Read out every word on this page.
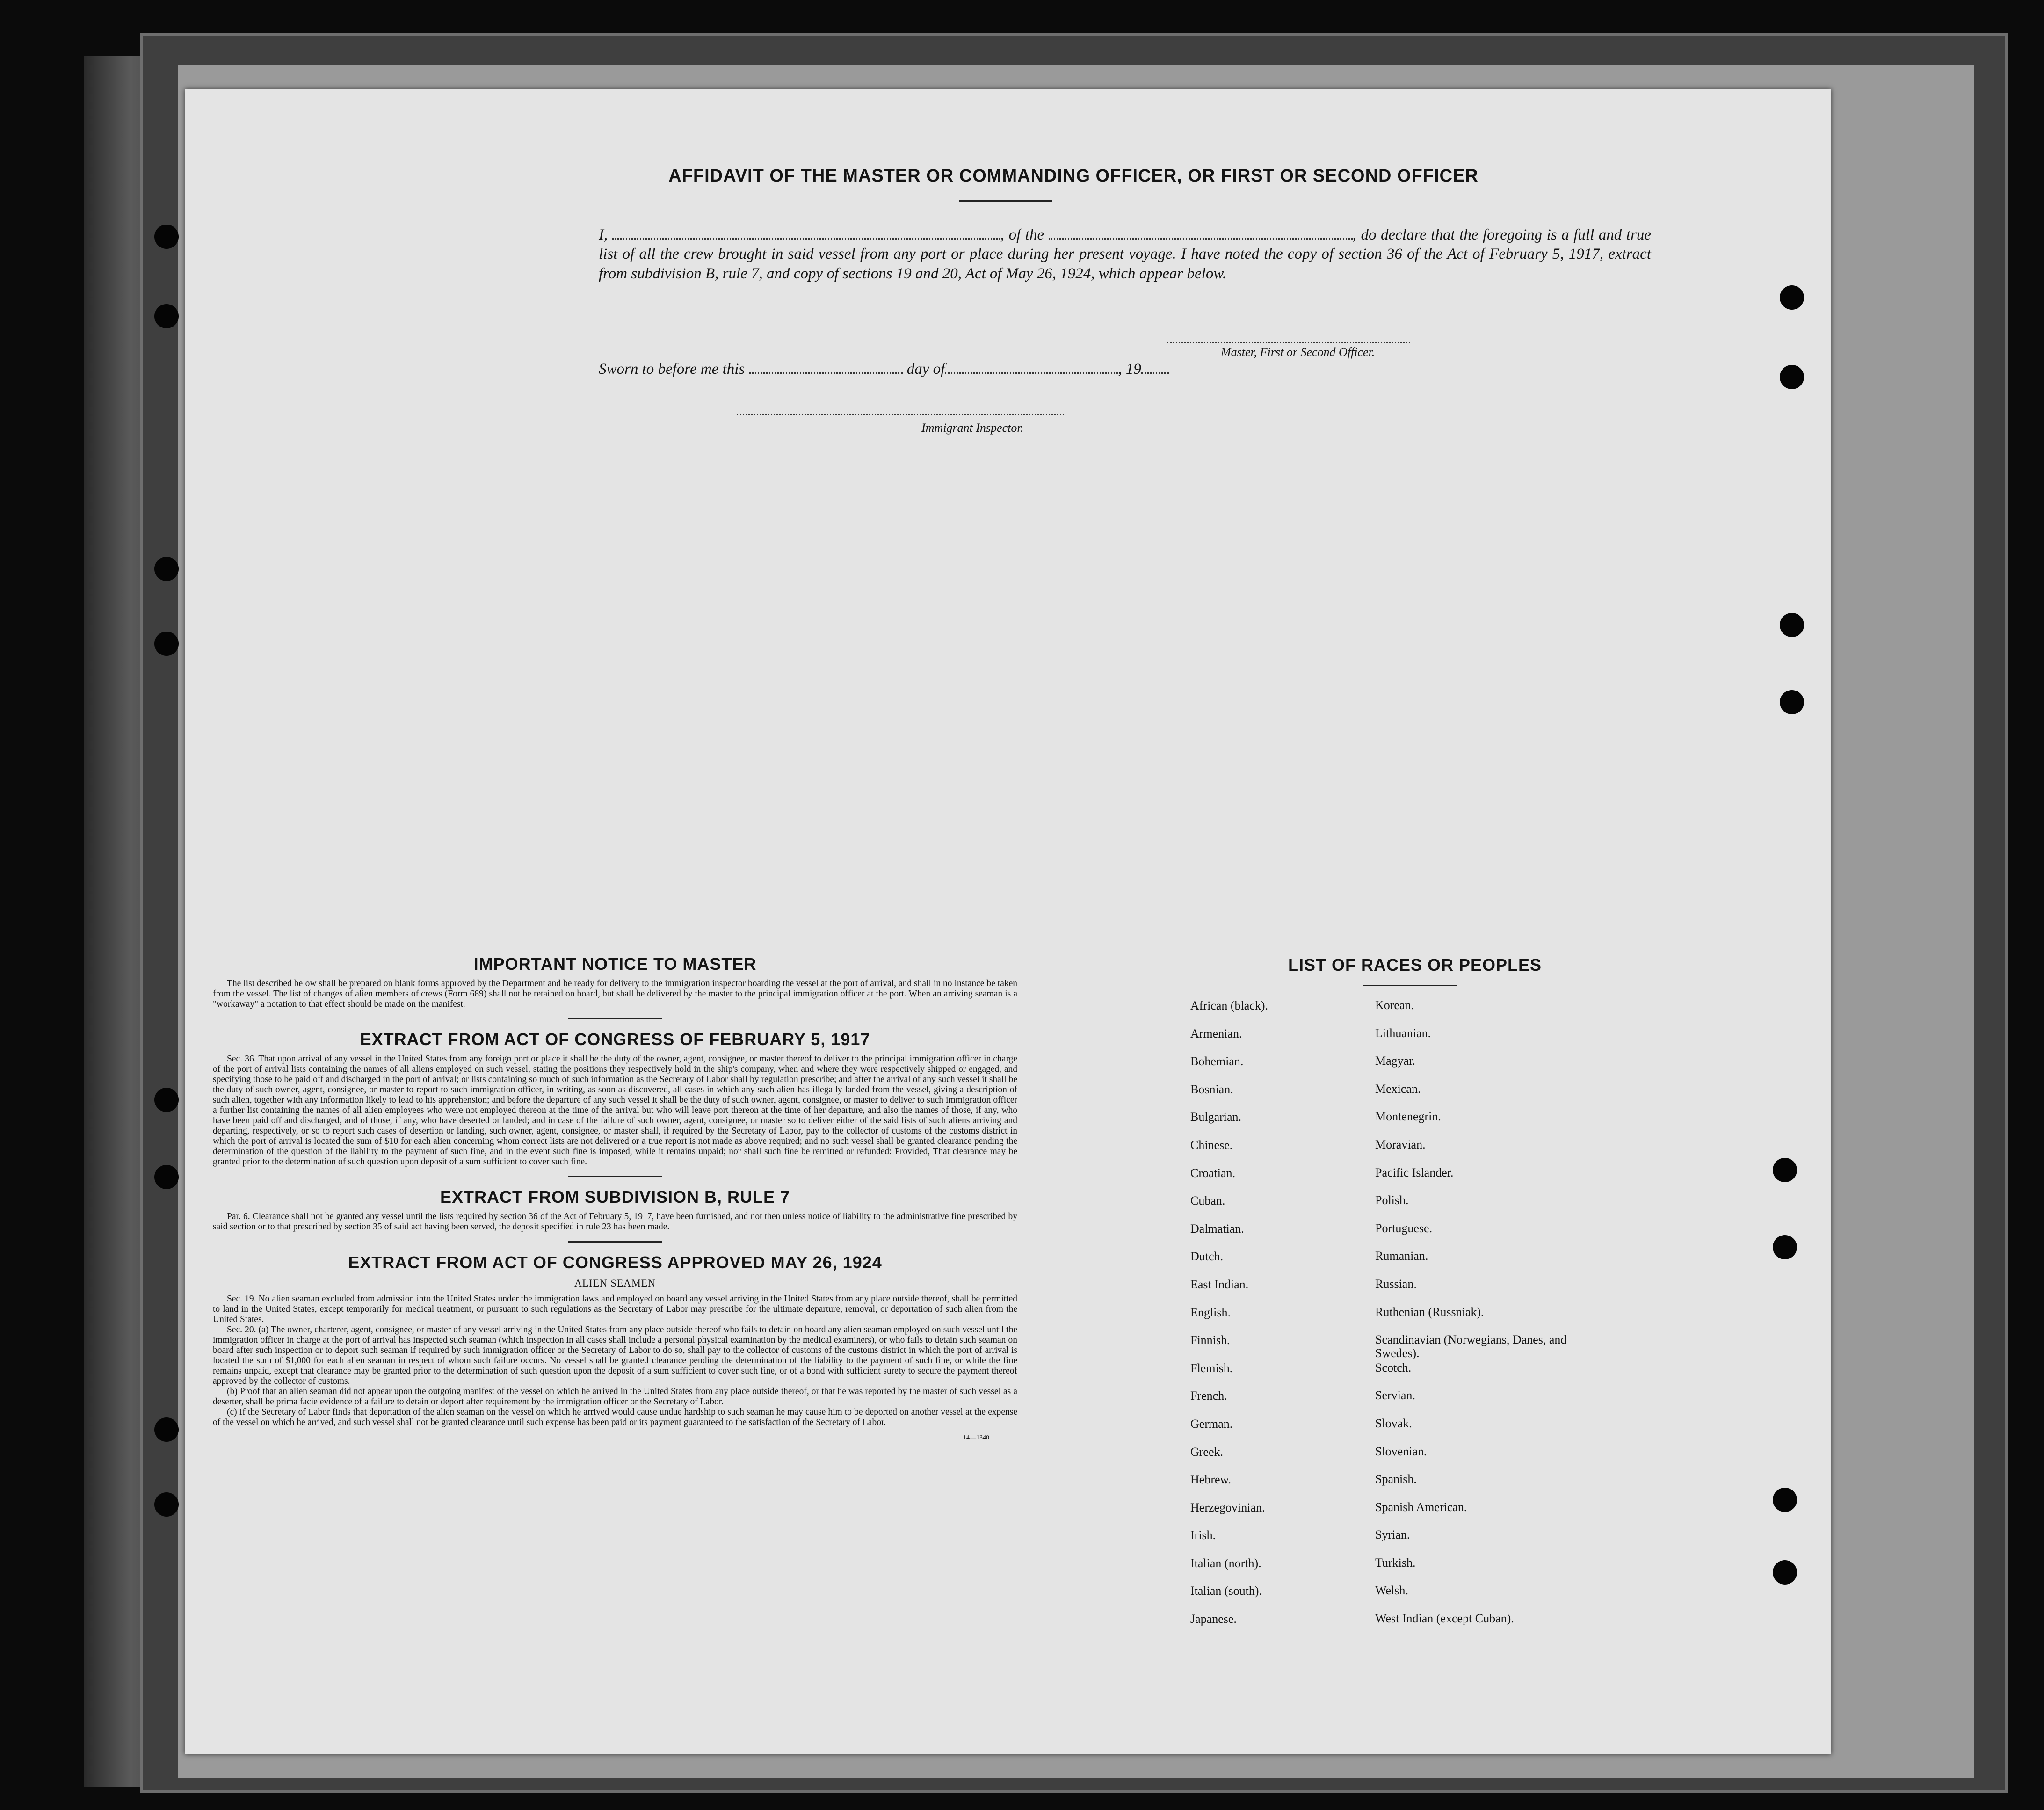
AFFIDAVIT OF THE MASTER OR COMMANDING OFFICER, OR FIRST OR SECOND OFFICER
I,	, of the	, do declare that the foregoing is a full and true list of all the crew brought in said vessel from any port or place during her present voyage. I have noted the copy of section 36 of the Act of February 5, 1917, extract from subdivision B, rule 7, and copy of sections 19 and 20, Act of May 26, 1924, which appear below.
Master, First or Second Officer.
Sworn to before me this	day of	, 19
Immigrant Inspector.
IMPORTANT NOTICE TO MASTER

The list described below shall be prepared on blank forms approved by the Department and be ready for delivery to the immigration inspector boarding the vessel at the port of arrival, and shall in no instance be taken from the vessel. The list of changes of alien members of crews (Form 689) shall not be retained on board, but shall be delivered by the master to the principal immigration officer at the port. When an arriving seaman is a "workaway" a notation to that effect should be made on the manifest.

EXTRACT FROM ACT OF CONGRESS OF FEBRUARY 5, 1917

Sec. 36. That upon arrival of any vessel in the United States from any foreign port or place it shall be the duty of the owner, agent, consignee, or master thereof to deliver to the principal immigration officer in charge of the port of arrival lists containing the names of all aliens employed on such vessel, stating the positions they respectively hold in the ship's company, when and where they were respectively shipped or engaged, and specifying those to be paid off and discharged in the port of arrival; or lists containing so much of such information as the Secretary of Labor shall by regulation prescribe; and after the arrival of any such vessel it shall be the duty of such owner, agent, consignee, or master to report to such immigration officer, in writing, as soon as discovered, all cases in which any such alien has illegally landed from the vessel, giving a description of such alien, together with any information likely to lead to his apprehension; and before the departure of any such vessel it shall be the duty of such owner, agent, consignee, or master to deliver to such immigration officer a further list containing the names of all alien employees who were not employed thereon at the time of the arrival but who will leave port thereon at the time of her departure, and also the names of those, if any, who have been paid off and discharged, and of those, if any, who have deserted or landed; and in case of the failure of such owner, agent, consignee, or master so to deliver either of the said lists of such aliens arriving and departing, respectively, or so to report such cases of desertion or landing, such owner, agent, consignee, or master shall, if required by the Secretary of Labor, pay to the collector of customs of the customs district in which the port of arrival is located the sum of $10 for each alien concerning whom correct lists are not delivered or a true report is not made as above required; and no such vessel shall be granted clearance pending the determination of the question of the liability to the payment of such fine, and in the event such fine is imposed, while it remains unpaid; nor shall such fine be remitted or refunded: Provided, That clearance may be granted prior to the determination of such question upon deposit of a sum sufficient to cover such fine.

EXTRACT FROM SUBDIVISION B, RULE 7

Par. 6. Clearance shall not be granted any vessel until the lists required by section 36 of the Act of February 5, 1917, have been furnished, and not then unless notice of liability to the administrative fine prescribed by said section or to that prescribed by section 35 of said act having been served, the deposit specified in rule 23 has been made.

EXTRACT FROM ACT OF CONGRESS APPROVED MAY 26, 1924
ALIEN SEAMEN

Sec. 19. No alien seaman excluded from admission into the United States under the immigration laws and employed on board any vessel arriving in the United States from any place outside thereof, shall be permitted to land in the United States, except temporarily for medical treatment, or pursuant to such regulations as the Secretary of Labor may prescribe for the ultimate departure, removal, or deportation of such alien from the United States.

Sec. 20. (a) The owner, charterer, agent, consignee, or master of any vessel arriving in the United States from any place outside thereof who fails to detain on board any alien seaman employed on such vessel until the immigration officer in charge at the port of arrival has inspected such seaman (which inspection in all cases shall include a personal physical examination by the medical examiners), or who fails to detain such seaman on board after such inspection or to deport such seaman if required by such immigration officer or the Secretary of Labor to do so, shall pay to the collector of customs of the customs district in which the port of arrival is located the sum of $1,000 for each alien seaman in respect of whom such failure occurs. No vessel shall be granted clearance pending the determination of the liability to the payment of such fine, or while the fine remains unpaid, except that clearance may be granted prior to the determination of such question upon the deposit of a sum sufficient to cover such fine, or of a bond with sufficient surety to secure the payment thereof approved by the collector of customs.

(b) Proof that an alien seaman did not appear upon the outgoing manifest of the vessel on which he arrived in the United States from any place outside thereof, or that he was reported by the master of such vessel as a deserter, shall be prima facie evidence of a failure to detain or deport after requirement by the immigration officer or the Secretary of Labor.

(c) If the Secretary of Labor finds that deportation of the alien seaman on the vessel on which he arrived would cause undue hardship to such seaman he may cause him to be deported on another vessel at the expense of the vessel on which he arrived, and such vessel shall not be granted clearance until such expense has been paid or its payment guaranteed to the satisfaction of the Secretary of Labor.

14—1340
LIST OF RACES OR PEOPLES
African (black).	Korean.
Armenian.	Lithuanian.
Bohemian.	Magyar.
Bosnian.	Mexican.
Bulgarian.	Montenegrin.
Chinese.	Moravian.
Croatian.	Pacific Islander.
Cuban.	Polish.
Dalmatian.	Portuguese.
Dutch.	Rumanian.
East Indian.	Russian.
English.	Ruthenian (Russniak).
Finnish.	Scandinavian (Norwegians, Danes, and Swedes).
Flemish.	Scotch.
French.	Servian.
German.	Slovak.
Greek.	Slovenian.
Hebrew.	Spanish.
Herzegovinian.	Spanish American.
Irish.	Syrian.
Italian (north).	Turkish.
Italian (south).	Welsh.
Japanese.	West Indian (except Cuban).
